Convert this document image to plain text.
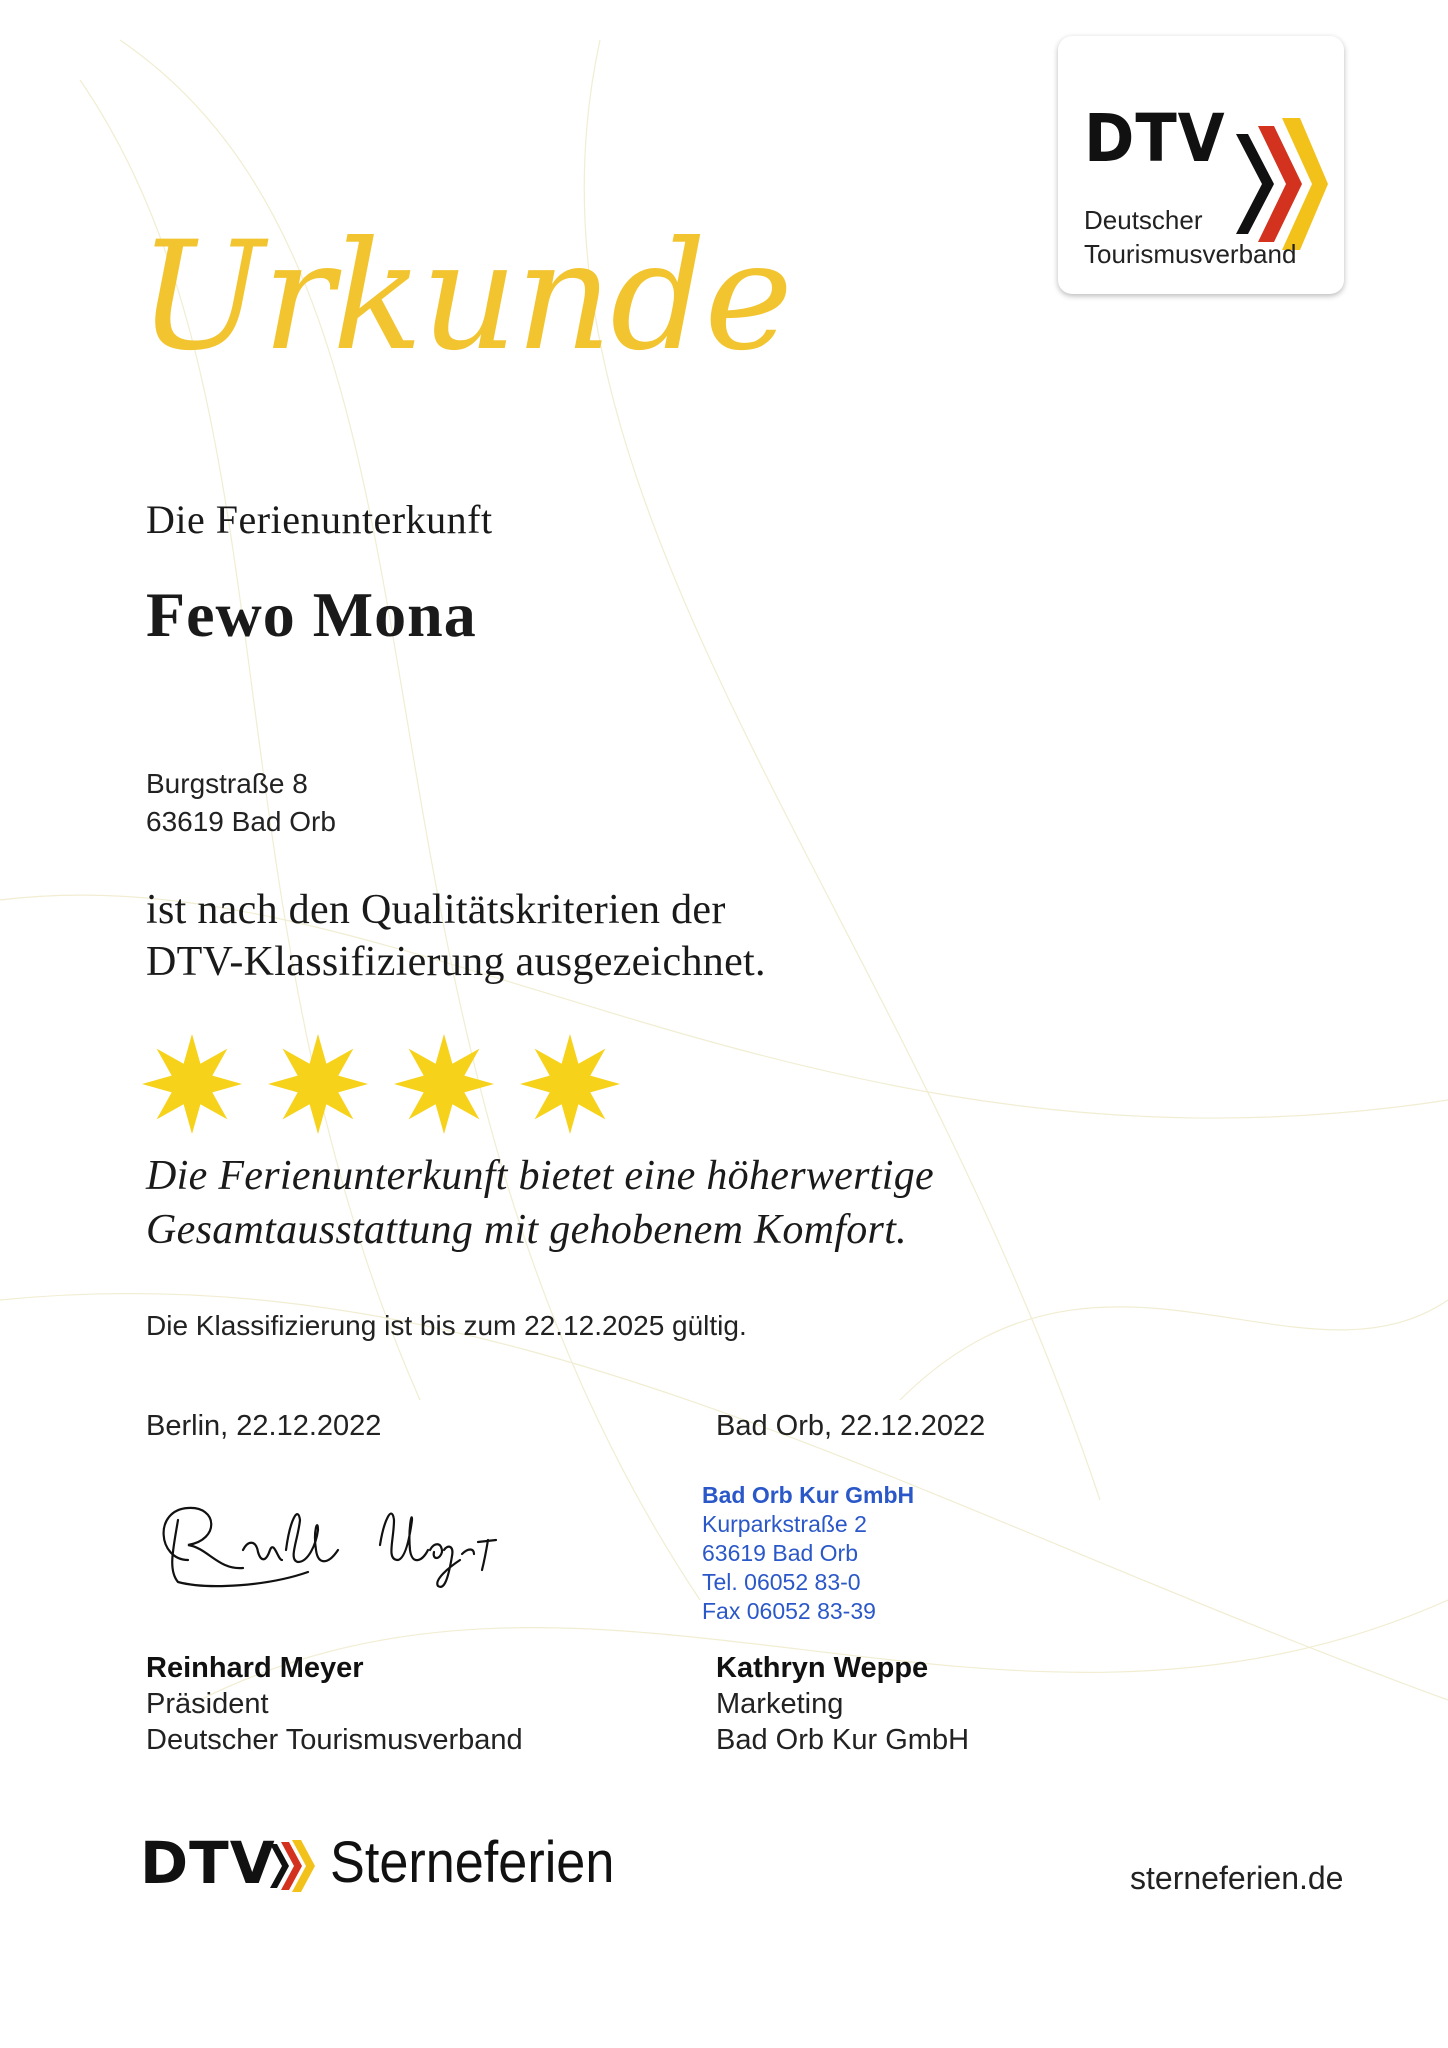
DTV
Deutscher
Tourismusverband
Urkunde
Die Ferienunterkunft
Fewo Mona
Burgstraße 8
63619 Bad Orb
ist nach den Qualitätskriterien der
DTV-Klassifizierung ausgezeichnet.
Die Ferienunterkunft bietet eine höherwertige
Gesamtausstattung mit gehobenem Komfort.
Die Klassifizierung ist bis zum 22.12.2025 gültig.
Berlin, 22.12.2022	Bad Orb, 22.12.2022
Bad Orb Kur GmbH
Kurparkstraße 2
63619 Bad Orb
Tel. 06052 83-0
Fax 06052 83-39
Reinhard Meyer
Präsident
Deutscher Tourismusverband
Kathryn Weppe
Marketing
Bad Orb Kur GmbH
DTV Sterneferien	sterneferien.de
